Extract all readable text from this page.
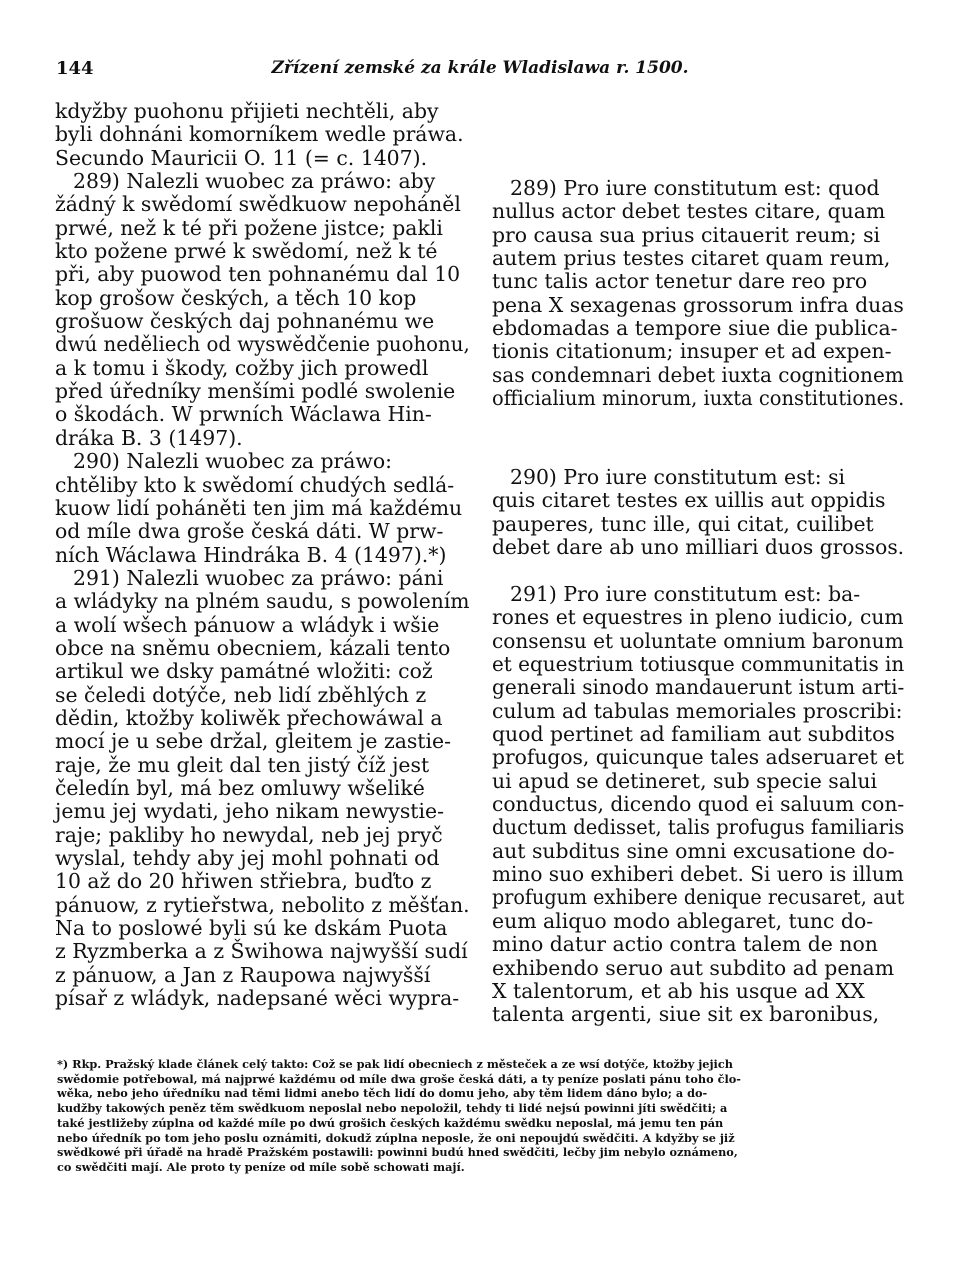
144	Zřízení zemské za krále Wladislawa r. 1500.
kdyžby puohonu přijieti nechtěli, aby
byli dohnáni komorníkem wedle práwa.
Secundo Mauricii O. 11 (= c. 1407).
289) Nalezli wuobec za práwo: aby
žádný k swědomí swědkuow nepoháněl
prwé, než k té při požene jistce; pakli
kto požene prwé k swědomí, než k té
při, aby puowod ten pohnanému dal 10
kop grošow českých, a těch 10 kop
grošuow českých daj pohnanému we
dwú neděliech od wyswědčenie puohonu,
a k tomu i škody, cožby jich prowedl
před úředníky menšími podlé swolenie
o škodách. W prwních Wáclawa Hin-
dráka B. 3 (1497).
290) Nalezli wuobec za práwo:
chtěliby kto k swědomí chudých sedlá-
kuow lidí poháněti ten jim má každému
od míle dwa groše česká dáti. W prw-
ních Wáclawa Hindráka B. 4 (1497).*)
291) Nalezli wuobec za práwo: páni
a wládyky na plném saudu, s powolením
a wolí wšech pánuow a wládyk i wšie
obce na sněmu obecniem, kázali tento
artikul we dsky památné wložiti: což
se čeledi dotýče, neb lidí zběhlých z
dědin, ktožby koliwěk přechowáwal a
mocí je u sebe držal, gleitem je zastie-
raje, že mu gleit dal ten jistý číž jest
čeledín byl, má bez omluwy wšeliké
jemu jej wydati, jeho nikam newystie-
raje; pakliby ho newydal, neb jej pryč
wyslal, tehdy aby jej mohl pohnati od
10 až do 20 hřiwen střiebra, buďto z
pánuow, z rytieřstwa, nebolito z měšťan.
Na to poslowé byli sú ke dskám Puota
z Ryzmberka a z Šwihowa najwyšší sudí
z pánuow, a Jan z Raupowa najwyšší
písař z wládyk, nadepsané wěci wypra-
289) Pro iure constitutum est: quod
nullus actor debet testes citare, quam
pro causa sua prius citauerit reum; si
autem prius testes citaret quam reum,
tunc talis actor tenetur dare reo pro
pena X sexagenas grossorum infra duas
ebdomadas a tempore siue die publica-
tionis citationum; insuper et ad expen-
sas condemnari debet iuxta cognitionem
officialium minorum, iuxta constitutiones.
290) Pro iure constitutum est: si
quis citaret testes ex uillis aut oppidis
pauperes, tunc ille, qui citat, cuilibet
debet dare ab uno milliari duos grossos.
291) Pro iure constitutum est: ba-
rones et equestres in pleno iudicio, cum
consensu et uoluntate omnium baronum
et equestrium totiusque communitatis in
generali sinodo mandauerunt istum arti-
culum ad tabulas memoriales proscribi:
quod pertinet ad familiam aut subditos
profugos, quicunque tales adseruaret et
ui apud se detineret, sub specie salui
conductus, dicendo quod ei saluum con-
ductum dedisset, talis profugus familiaris
aut subditus sine omni excusatione do-
mino suo exhiberi debet. Si uero is illum
profugum exhibere denique recusaret, aut
eum aliquo modo ablegaret, tunc do-
mino datur actio contra talem de non
exhibendo seruo aut subdito ad penam
X talentorum, et ab his usque ad XX
talenta argenti, siue sit ex baronibus,
*) Rkp. Pražský klade článek celý takto: Což se pak lidí obecniech z městeček a ze wsí dotýče, ktožby jejich
swědomie potřebowal, má najprwé každému od míle dwa groše česká dáti, a ty peníze poslati pánu toho člo-
wěka, nebo jeho úředníku nad těmi lidmi anebo těch lidí do domu jeho, aby těm lidem dáno bylo; a do-
kudžby takowých peněz těm swědkuom neposlal nebo nepoložil, tehdy ti lidé nejsú powinni jíti swědčiti; a
také jestližeby zúplna od každé míle po dwú grošich českých každému swědku neposlal, má jemu ten pán
nebo úředník po tom jeho poslu oznámiti, dokudž zúplna neposle, že oni nepoujdú swědčiti. A kdyžby se již
swědkowé při úřadě na hradě Pražském postawili: powinni budú hned swědčiti, lečby jim nebylo oznámeno,
co swědčiti mají. Ale proto ty peníze od míle sobě schowati mají.
